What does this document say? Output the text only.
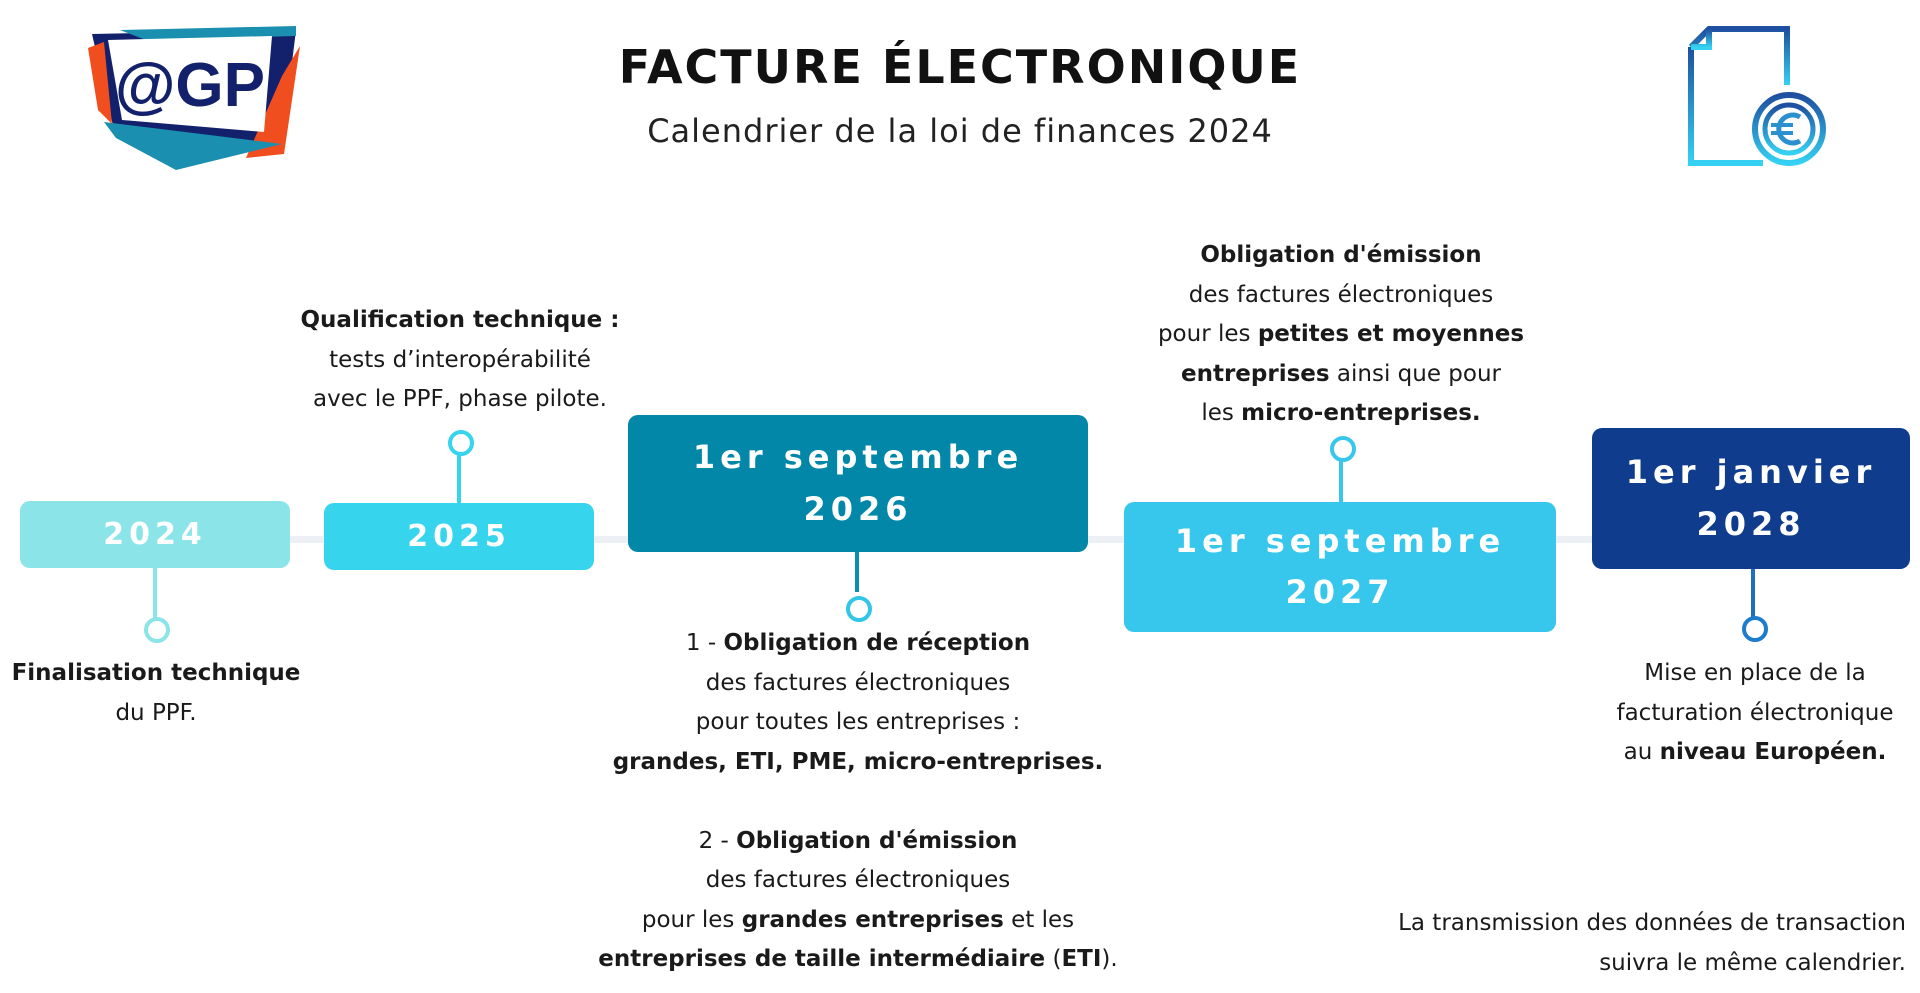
FACTURE ÉLECTRONIQUE
Calendrier de la loi de finances 2024
@GP
2024
Finalisation technique
du PPF.
2025
Qualification technique :
tests d’interopérabilité
avec le PPF, phase pilote.
1er septembre
2026
1 - Obligation de réception
des factures électroniques
pour toutes les entreprises :
grandes, ETI, PME, micro-entreprises.

2 - Obligation d'émission
des factures électroniques
pour les grandes entreprises et les
entreprises de taille intermédiaire (ETI).
1er septembre
2027
Obligation d'émission
des factures électroniques
pour les petites et moyennes
entreprises ainsi que pour
les micro-entreprises.
1er janvier
2028
Mise en place de la
facturation électronique
au niveau Européen.
La transmission des données de transaction
suivra le même calendrier.
